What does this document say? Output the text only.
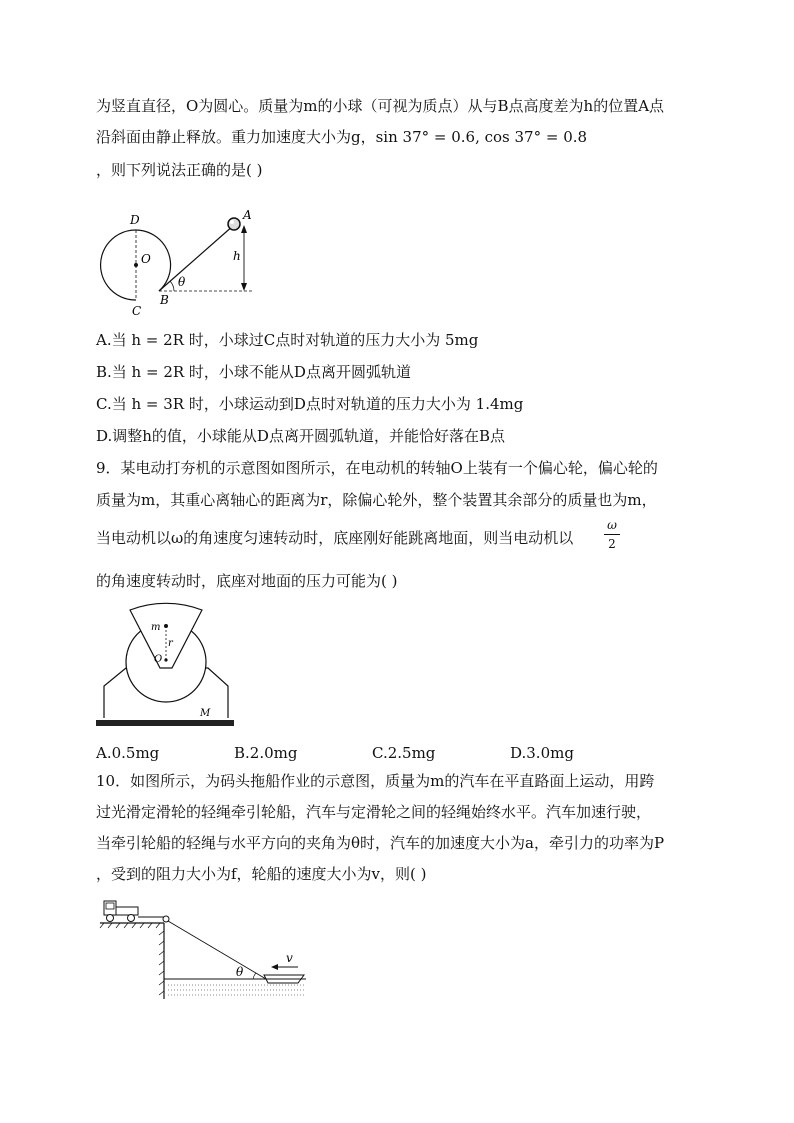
为竖直直径，O为圆心。质量为m的小球（可视为质点）从与B点高度差为h的位置A点
沿斜面由静止释放。重力加速度大小为g，sin 37° = 0.6, cos 37° = 0.8
，则下列说法正确的是( )
D
O
C
B
A
h
θ
A.当 h = 2R 时，小球过C点时对轨道的压力大小为 5mg
B.当 h = 2R 时，小球不能从D点离开圆弧轨道
C.当 h = 3R 时，小球运动到D点时对轨道的压力大小为 1.4mg
D.调整h的值，小球能从D点离开圆弧轨道，并能恰好落在B点
9．某电动打夯机的示意图如图所示，在电动机的转轴O上装有一个偏心轮，偏心轮的
质量为m，其重心离轴心的距离为r，除偏心轮外，整个装置其余部分的质量也为m，
当电动机以ω的角速度匀速转动时，底座刚好能跳离地面，则当电动机以
ω
2
的角速度转动时，底座对地面的压力可能为( )
m
r
O
M
A.0.5mg	B.2.0mg	C.2.5mg	D.3.0mg
10．如图所示，为码头拖船作业的示意图，质量为m的汽车在平直路面上运动，用跨
过光滑定滑轮的轻绳牵引轮船，汽车与定滑轮之间的轻绳始终水平。汽车加速行驶，
当牵引轮船的轻绳与水平方向的夹角为θ时，汽车的加速度大小为a，牵引力的功率为P
，受到的阻力大小为f，轮船的速度大小为v，则( )
θ
v
